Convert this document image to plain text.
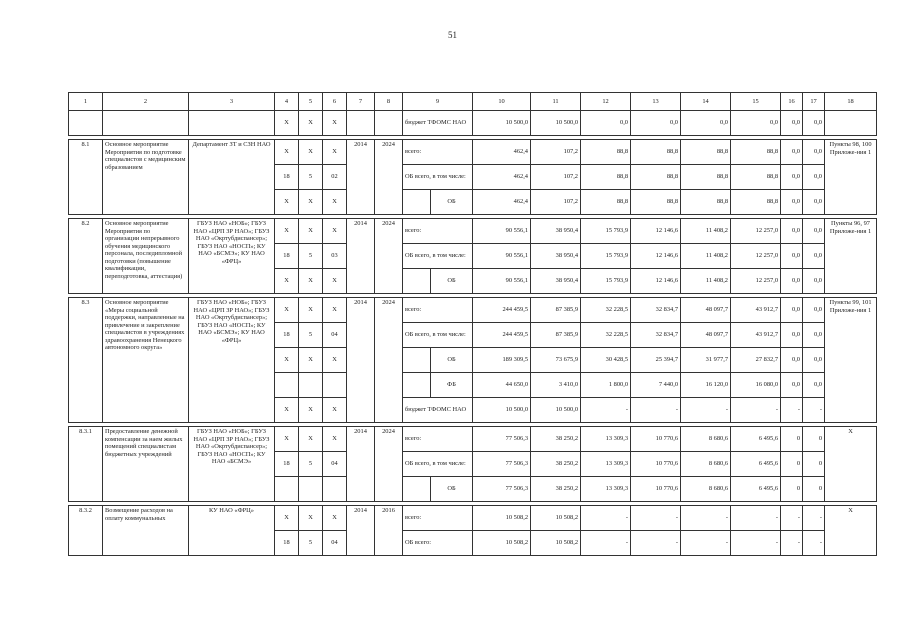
51
1	2	3	4	5	6	7	8	9		10	11	12	13	14	15	16	17	18
			X	X	X			бюджет ТФОМС НАО		10 500,0	10 500,0	0,0	0,0	0,0	0,0	0,0	0,0	

8.1	Основное мероприятие Мероприятия по подготовке специалистов с медицинским образованием	Департамент ЗТ и СЗН НАО	X	X	X	2014	2024	всего:		462,4	107,2	88,8	88,8	88,8	88,8	0,0	0,0	Пункты 98, 100 Приложе-ния 1
			18	5	02			ОБ всего, в том числе:		462,4	107,2	88,8	88,8	88,8	88,8	0,0	0,0	
			X	X	X				ОБ	462,4	107,2	88,8	88,8	88,8	88,8	0,0	0,0	

8.2	Основное мероприятие Мероприятия по организации непрерывного обучения медицинского персонала, последипломной подготовки (повышение квалификации, переподготовка, аттестация)	ГБУЗ НАО «НОБ»; ГБУЗ НАО «ЦРП ЗР НАО»; ГБУЗ НАО «Окртубдиспансер»; ГБУЗ НАО «НОСП»; КУ НАО «БСМЭ»; КУ НАО «ФРЦ»	X	X	X	2014	2024	всего:		90 556,1	38 950,4	15 793,9	12 146,6	11 408,2	12 257,0	0,0	0,0	Пункты 96, 97 Приложе-ния 1
			18	5	03			ОБ всего, в том числе:		90 556,1	38 950,4	15 793,9	12 146,6	11 408,2	12 257,0	0,0	0,0	
			X	X	X				ОБ	90 556,1	38 950,4	15 793,9	12 146,6	11 408,2	12 257,0	0,0	0,0	

8.3	Основное мероприятие «Меры социальной поддержки, направленные на привлечение и закрепление специалистов в учреждениях здравоохранения Ненецкого автономного округа»	ГБУЗ НАО «НОБ»; ГБУЗ НАО «ЦРП ЗР НАО»; ГБУЗ НАО «Окртубдиспансер»; ГБУЗ НАО «НОСП»; КУ НАО «БСМЭ»; КУ НАО «ФРЦ»	X	X	X	2014	2024	всего:		244 459,5	87 385,9	32 228,5	32 834,7	48 097,7	43 912,7	0,0	0,0	Пункты 99, 101 Приложе-ния 1
			18	5	04			ОБ всего, в том числе:		244 459,5	87 385,9	32 228,5	32 834,7	48 097,7	43 912,7	0,0	0,0	
			X	X	X				ОБ	189 309,5	73 675,9	30 428,5	25 394,7	31 977,7	27 832,7	0,0	0,0	
									ФБ	44 650,0	3 410,0	1 800,0	7 440,0	16 120,0	16 080,0	0,0	0,0	
			X	X	X			бюджет ТФОМС НАО		10 500,0	10 500,0	-	-	-	-	-	-	

8.3.1	Предоставление денежной компенсации за наем жилых помещений специалистам бюджетных учреждений	ГБУЗ НАО «НОБ»; ГБУЗ НАО «ЦРП ЗР НАО»; ГБУЗ НАО «Окртубдиспансер»; ГБУЗ НАО «НОСП»; КУ НАО «БСМЭ»	X	X	X	2014	2024	всего:		77 506,3	38 250,2	13 309,3	10 770,6	8 680,6	6 495,6	0	0	X
			18	5	04			ОБ всего, в том числе:		77 506,3	38 250,2	13 309,3	10 770,6	8 680,6	6 495,6	0	0	
									ОБ	77 506,3	38 250,2	13 309,3	10 770,6	8 680,6	6 495,6	0	0	

8.3.2	Возмещение расходов на оплату коммунальных	КУ НАО «ФРЦ»	X	X	X	2014	2016	всего:		10 508,2	10 508,2	-	-	-	-	-	-	X
			18	5	04			ОБ всего:		10 508,2	10 508,2	-	-	-	-	-	-	
